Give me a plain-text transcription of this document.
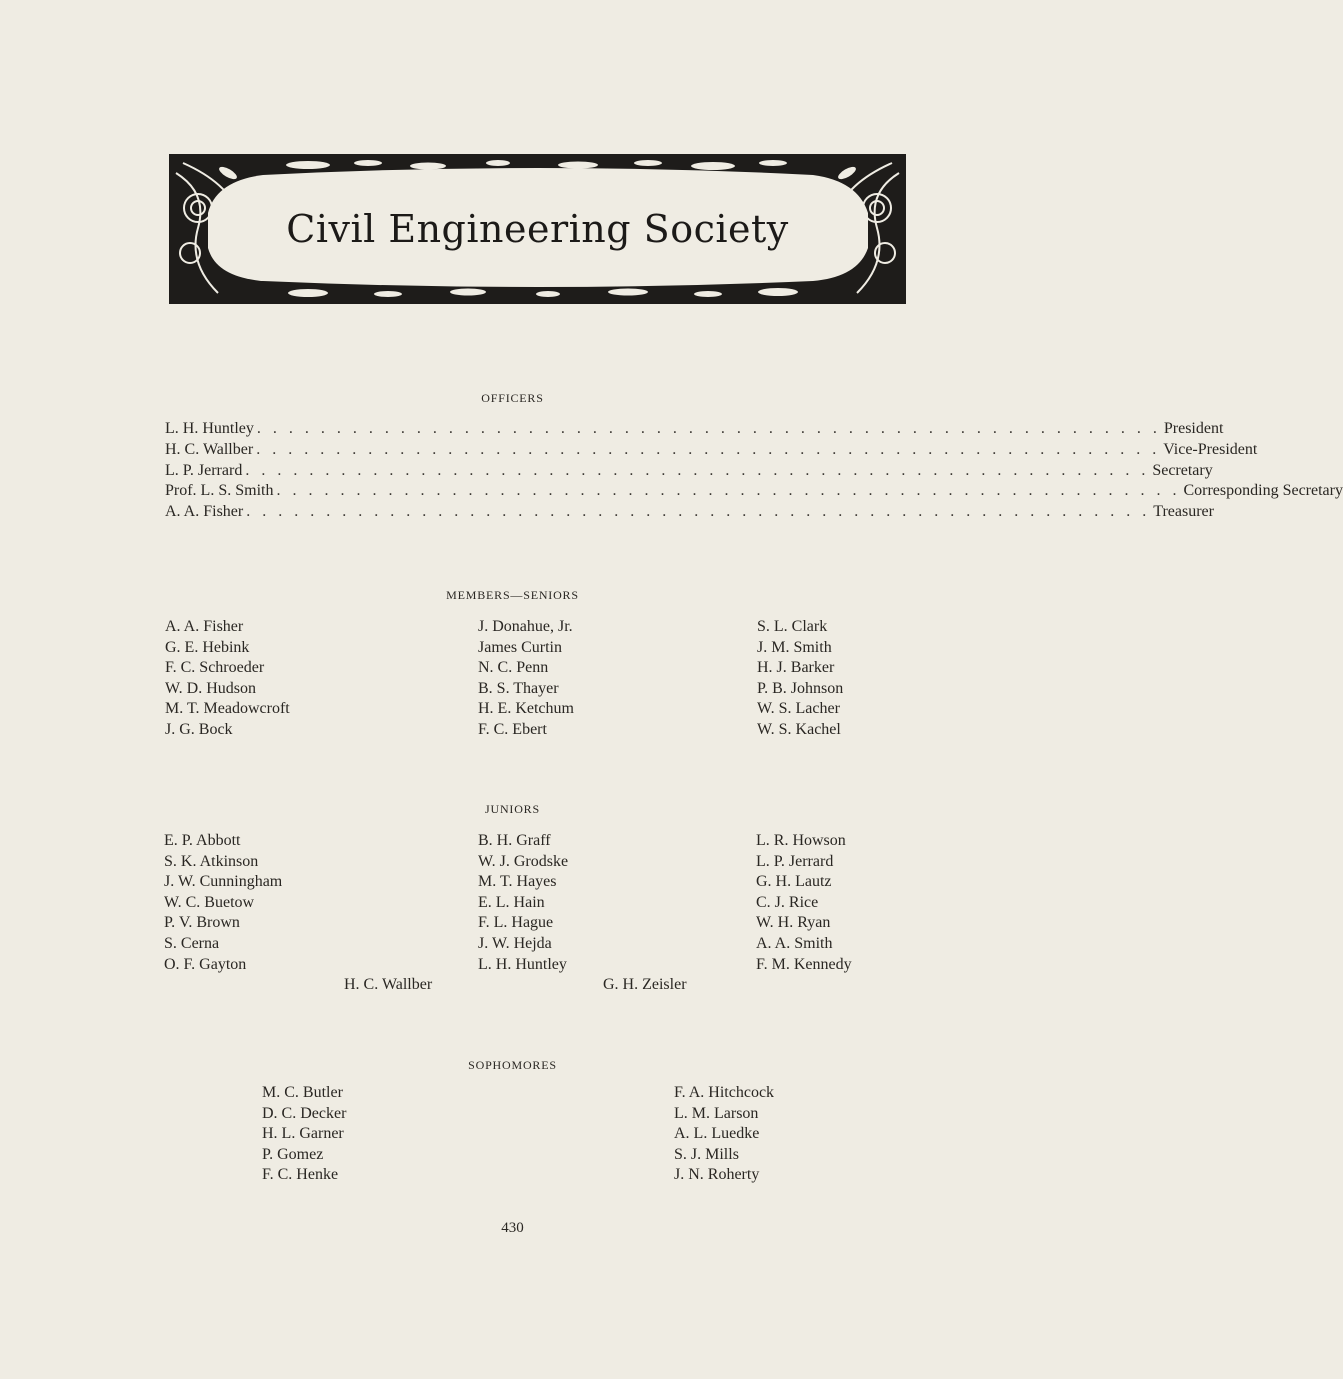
Civil Engineering Society
OFFICERS
L. H. Huntley . . . . . . . . . . . . . . . . . . . . . . . . . . . . . . . . . . . . . . . . . . . . . . . . . . . . . . . . . President
H. C. Wallber . . . . . . . . . . . . . . . . . . . . . . . . . . . . . . . . . . . . . . . . . . . . . . . . . . . . . . . . . Vice-President
L. P. Jerrard . . . . . . . . . . . . . . . . . . . . . . . . . . . . . . . . . . . . . . . . . . . . . . . . . . . . . . . . . Secretary
Prof. L. S. Smith . . . . . . . . . . . . . . . . . . . . . . . . . . . . . . . . . . . . . . . . . . . . . . . . . . . . . . . . . Corresponding Secretary
A. A. Fisher . . . . . . . . . . . . . . . . . . . . . . . . . . . . . . . . . . . . . . . . . . . . . . . . . . . . . . . . . Treasurer
MEMBERS—SENIORS
A. A. Fisher
G. E. Hebink
F. C. Schroeder
W. D. Hudson
M. T. Meadowcroft
J. G. Bock
J. Donahue, Jr.
James Curtin
N. C. Penn
B. S. Thayer
H. E. Ketchum
F. C. Ebert
S. L. Clark
J. M. Smith
H. J. Barker
P. B. Johnson
W. S. Lacher
W. S. Kachel
JUNIORS
E. P. Abbott
S. K. Atkinson
J. W. Cunningham
W. C. Buetow
P. V. Brown
S. Cerna
O. F. Gayton
B. H. Graff
W. J. Grodske
M. T. Hayes
E. L. Hain
F. L. Hague
J. W. Hejda
L. H. Huntley
L. R. Howson
L. P. Jerrard
G. H. Lautz
C. J. Rice
W. H. Ryan
A. A. Smith
F. M. Kennedy
H. C. Wallber	G. H. Zeisler
SOPHOMORES
M. C. Butler
D. C. Decker
H. L. Garner
P. Gomez
F. C. Henke
F. A. Hitchcock
L. M. Larson
A. L. Luedke
S. J. Mills
J. N. Roherty
430
